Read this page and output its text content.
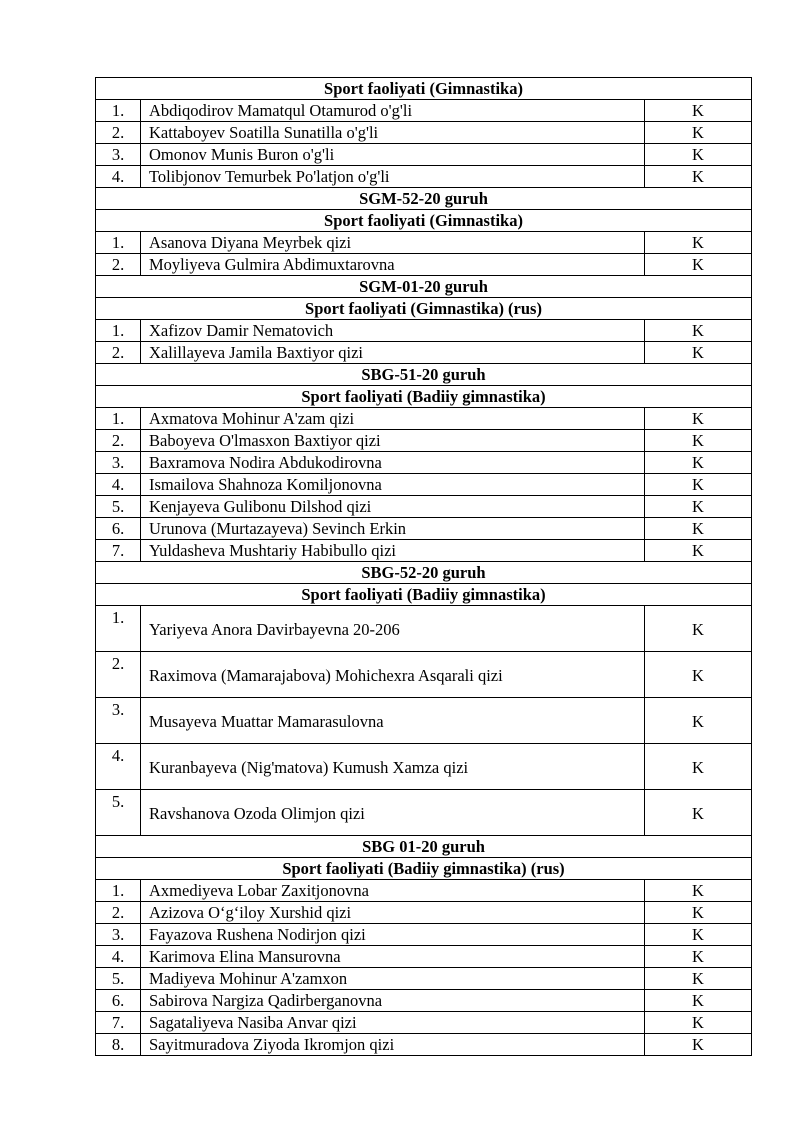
Sport faoliyati (Gimnastika)		
1.	Abdiqodirov Mamatqul Otamurod o'g'li	K
2.	Kattaboyev Soatilla Sunatilla o'g'li	K
3.	Omonov Munis Buron o'g'li	K
4.	Tolibjonov Temurbek Po'latjon o'g'li	K
SGM-52-20 guruh		
Sport faoliyati (Gimnastika)		
1.	Asanova Diyana Meyrbek qizi	K
2.	Moyliyeva Gulmira Abdimuxtarovna	K
SGM-01-20 guruh		
Sport faoliyati (Gimnastika) (rus)		
1.	Xafizov Damir Nematovich	K
2.	Xalillayeva Jamila Baxtiyor qizi	K
SBG-51-20 guruh		
Sport faoliyati (Badiiy gimnastika)		
1.	Axmatova Mohinur A'zam qizi	K
2.	Baboyeva O'lmasxon Baxtiyor qizi	K
3.	Baxramova Nodira Abdukodirovna	K
4.	Ismailova Shahnoza Komiljonovna	K
5.	Kenjayeva Gulibonu Dilshod qizi	K
6.	Urunova (Murtazayeva) Sevinch Erkin	K
7.	Yuldasheva Mushtariy Habibullo qizi	K
SBG-52-20 guruh		
Sport faoliyati (Badiiy gimnastika)		
1.	Yariyeva Anora Davirbayevna 20-206	K
2.	Raximova (Mamarajabova) Mohichexra Asqarali qizi	K
3.	Musayeva Muattar Mamarasulovna	K
4.	Kuranbayeva (Nig'matova) Kumush Xamza qizi	K
5.	Ravshanova Ozoda Olimjon qizi	K
SBG 01-20 guruh		
Sport faoliyati (Badiiy gimnastika) (rus)		
1.	Axmediyeva Lobar Zaxitjonovna	K
2.	Azizova O‘g‘iloy Xurshid qizi	K
3.	Fayazova Rushena Nodirjon qizi	K
4.	Karimova Elina Mansurovna	K
5.	Madiyeva Mohinur A'zamxon	K
6.	Sabirova Nargiza Qadirberganovna	K
7.	Sagataliyeva Nasiba Anvar qizi	K
8.	Sayitmuradova Ziyoda Ikromjon qizi	K
